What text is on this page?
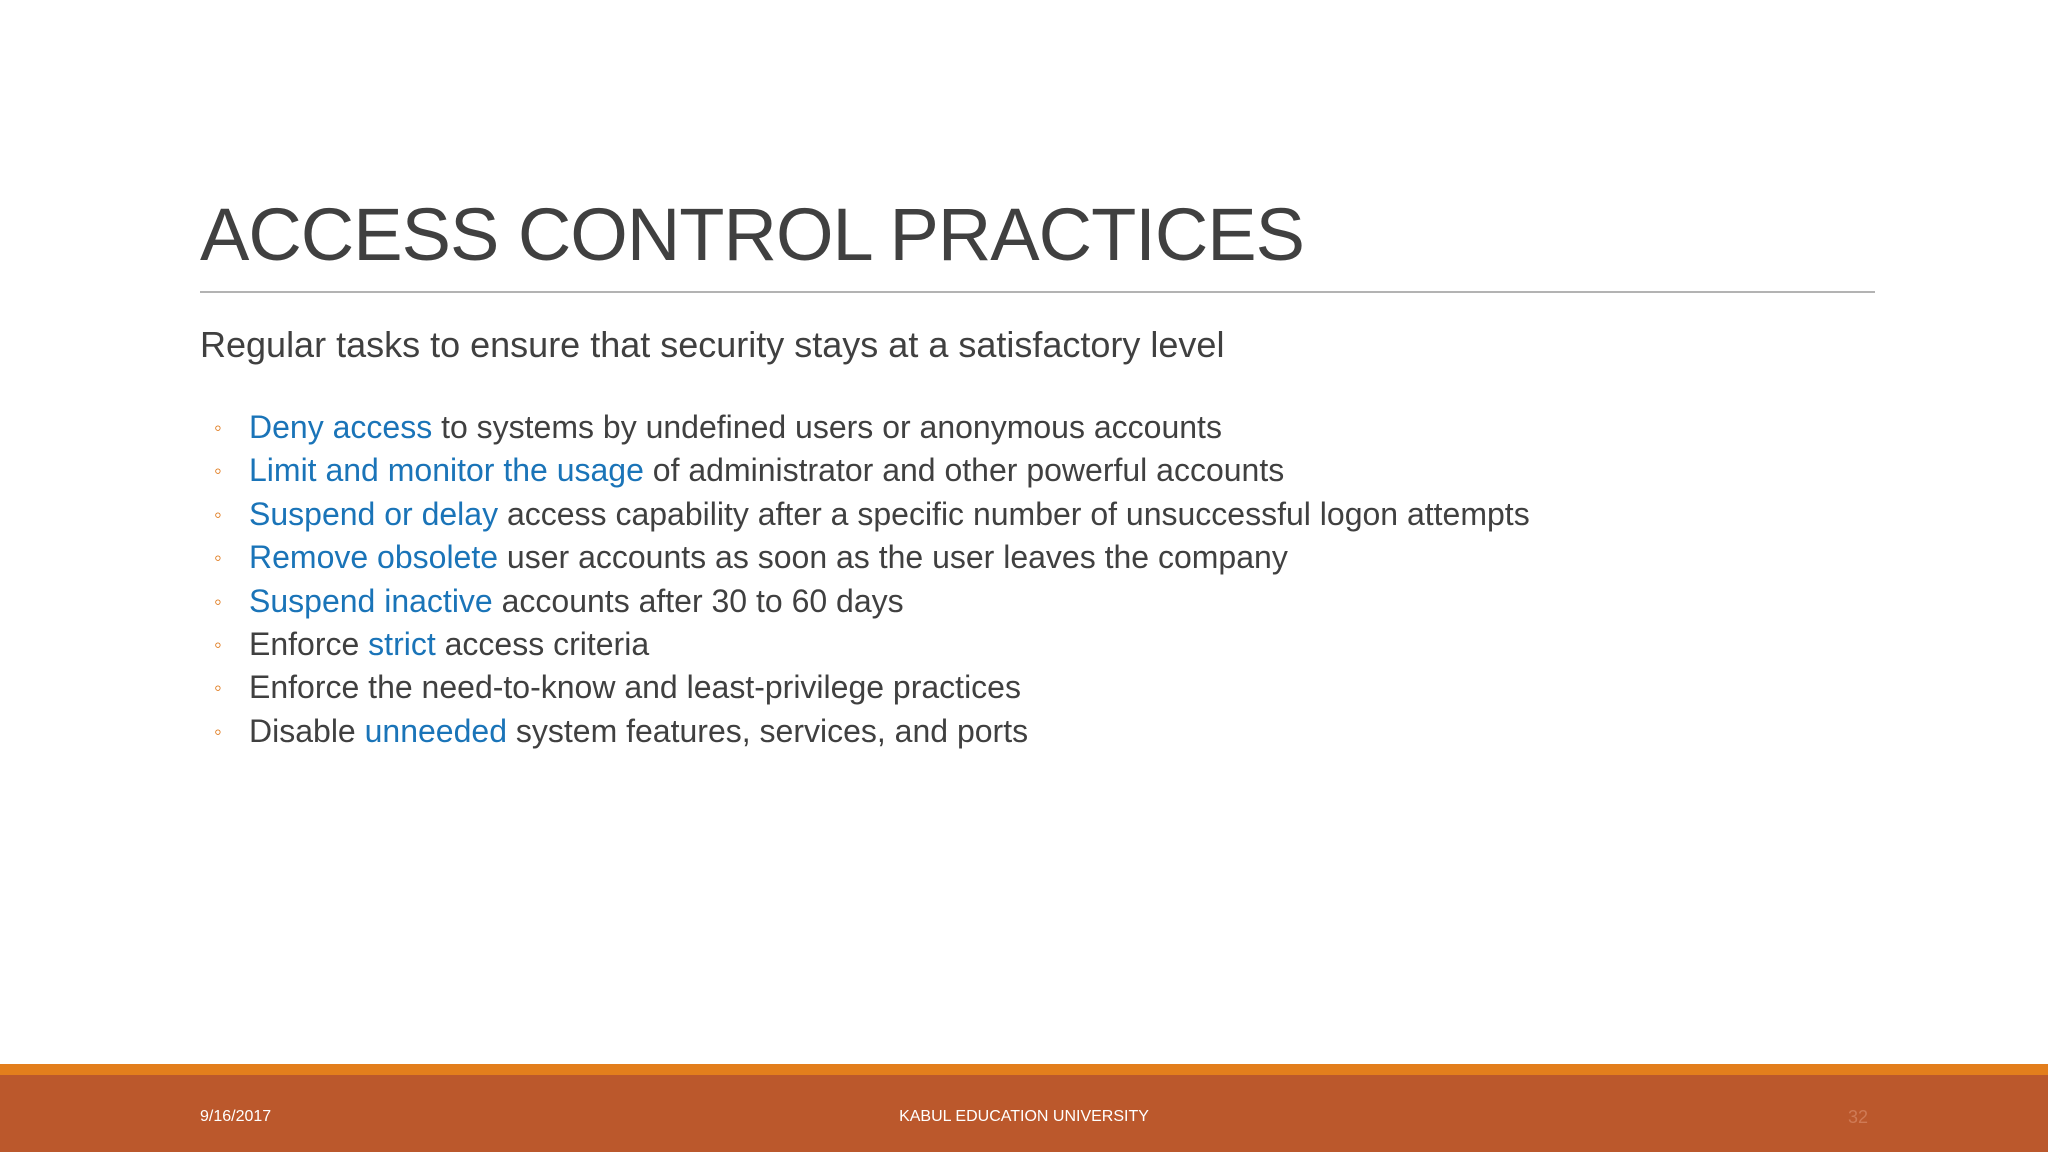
ACCESS CONTROL PRACTICES
Regular tasks to ensure that security stays at a satisfactory level
◦ Deny access to systems by undefined users or anonymous accounts
◦ Limit and monitor the usage of administrator and other powerful accounts
◦ Suspend or delay access capability after a specific number of unsuccessful logon attempts
◦ Remove obsolete user accounts as soon as the user leaves the company
◦ Suspend inactive accounts after 30 to 60 days
◦ Enforce strict access criteria
◦ Enforce the need-to-know and least-privilege practices
◦ Disable unneeded system features, services, and ports
9/16/2017	KABUL EDUCATION UNIVERSITY	32
